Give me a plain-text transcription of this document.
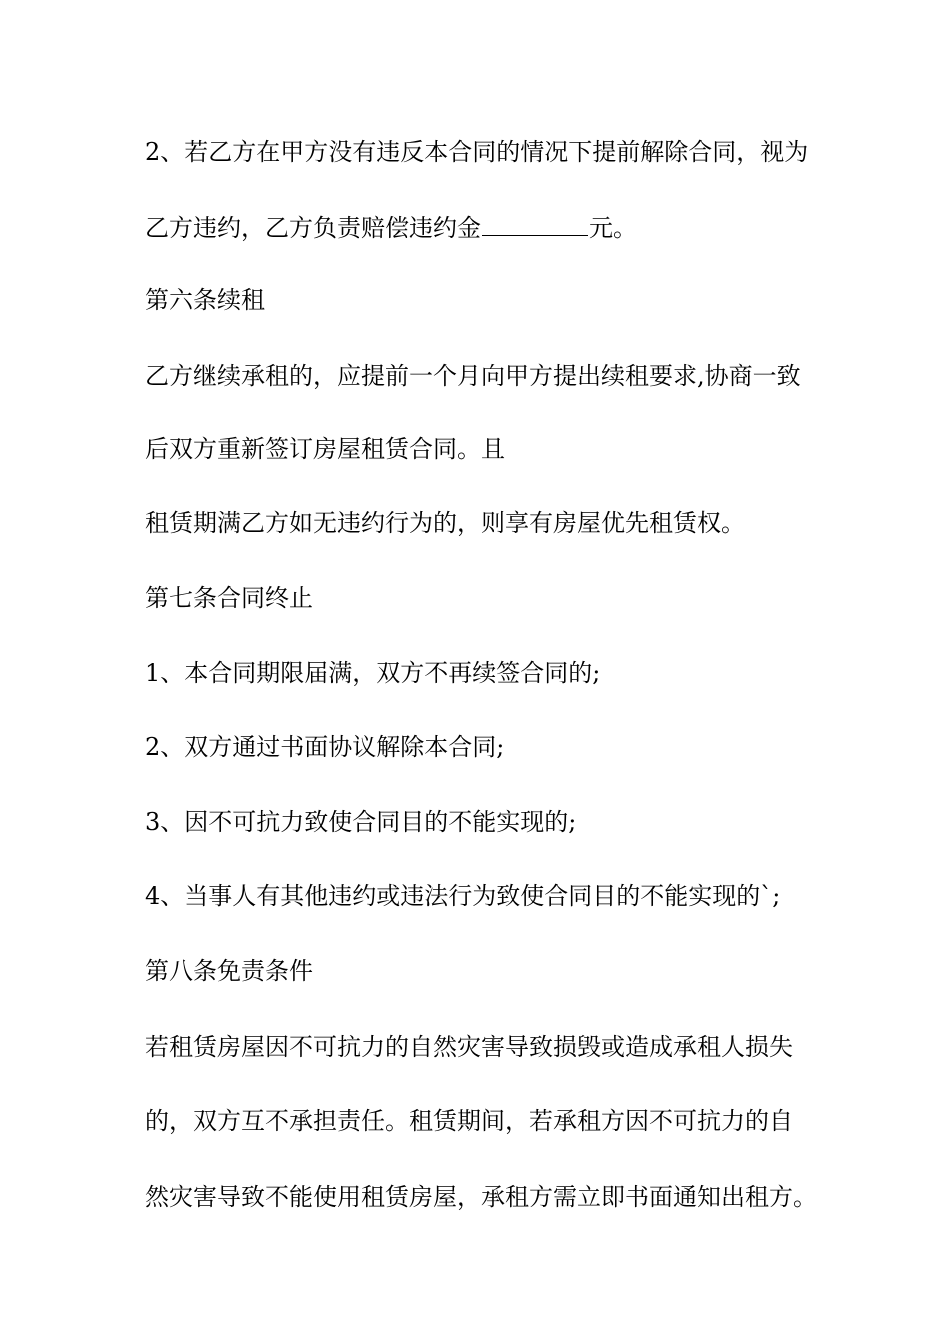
2、若乙方在甲方没有违反本合同的情况下提前解除合同，视为
乙方违约，乙方负责赔偿违约金	元。
第六条续租
乙方继续承租的，应提前一个月向甲方提出续租要求,协商一致
后双方重新签订房屋租赁合同。且
租赁期满乙方如无违约行为的，则享有房屋优先租赁权。
第七条合同终止
1、本合同期限届满，双方不再续签合同的;
2、双方通过书面协议解除本合同;
3、因不可抗力致使合同目的不能实现的;
4、当事人有其他违约或违法行为致使合同目的不能实现的`;
第八条免责条件
若租赁房屋因不可抗力的自然灾害导致损毁或造成承租人损失
的，双方互不承担责任。租赁期间，若承租方因不可抗力的自
然灾害导致不能使用租赁房屋，承租方需立即书面通知出租方。
